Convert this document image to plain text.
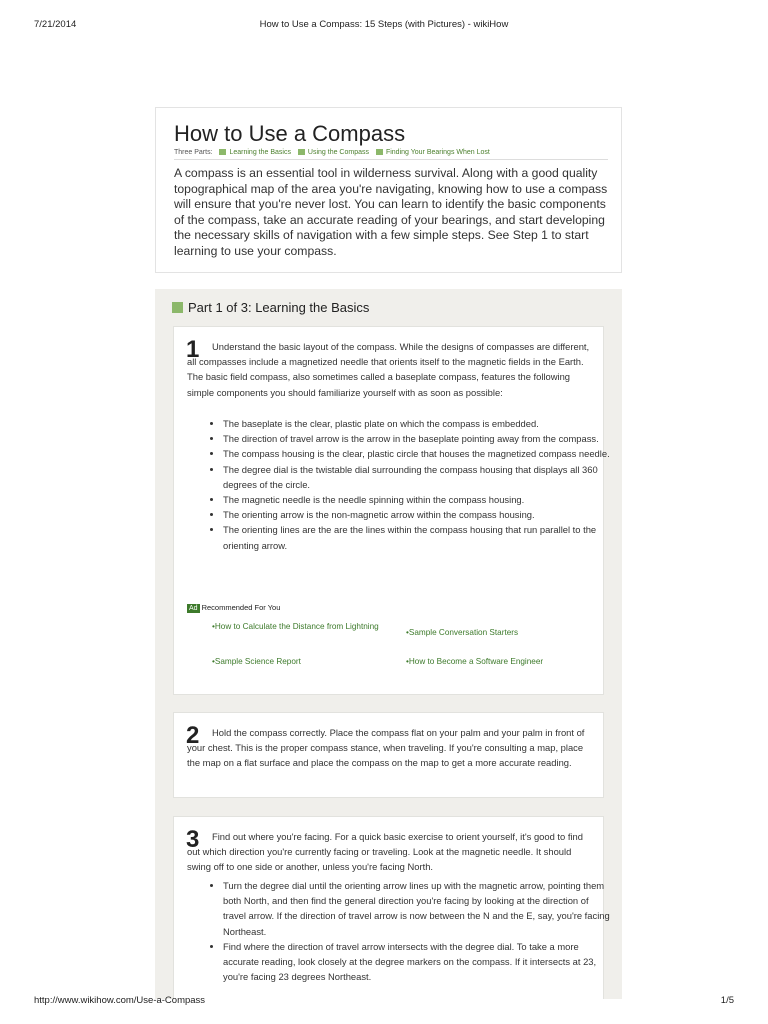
7/21/2014	How to Use a Compass: 15 Steps (with Pictures) - wikiHow
How to Use a Compass
Three Parts: Learning the Basics Using the Compass Finding Your Bearings When Lost

A compass is an essential tool in wilderness survival. Along with a good quality topographical map of the area you're navigating, knowing how to use a compass will ensure that you're never lost. You can learn to identify the basic components of the compass, take an accurate reading of your bearings, and start developing the necessary skills of navigation with a few simple steps. See Step 1 to start learning to use your compass.

Part 1 of 3: Learning the Basics
1	Understand the basic layout of the compass. While the designs of compasses are different, all compasses include a magnetized needle that orients itself to the magnetic fields in the Earth. The basic field compass, also sometimes called a baseplate compass, features the following simple components you should familiarize yourself with as soon as possible:

• The baseplate is the clear, plastic plate on which the compass is embedded.
• The direction of travel arrow is the arrow in the baseplate pointing away from the compass.
• The compass housing is the clear, plastic circle that houses the magnetized compass needle.
• The degree dial is the twistable dial surrounding the compass housing that displays all 360 degrees of the circle.
• The magnetic needle is the needle spinning within the compass housing.
• The orienting arrow is the non-magnetic arrow within the compass housing.
• The orienting lines are the are the lines within the compass housing that run parallel to the orienting arrow.
Ad Recommended For You
•How to Calculate the Distance from Lightning
•Sample Conversation Starters
•Sample Science Report	•How to Become a Software Engineer
2	Hold the compass correctly. Place the compass flat on your palm and your palm in front of your chest. This is the proper compass stance, when traveling. If you're consulting a map, place the map on a flat surface and place the compass on the map to get a more accurate reading.

3	Find out where you're facing. For a quick basic exercise to orient yourself, it's good to find out which direction you're currently facing or traveling. Look at the magnetic needle. It should swing off to one side or another, unless you're facing North.

• Turn the degree dial until the orienting arrow lines up with the magnetic arrow, pointing them both North, and then find the general direction you're facing by looking at the direction of travel arrow. If the direction of travel arrow is now between the N and the E, say, you're facing Northeast.
• Find where the direction of travel arrow intersects with the degree dial. To take a more accurate reading, look closely at the degree markers on the compass. If it intersects at 23, you're facing 23 degrees Northeast.
http://www.wikihow.com/Use-a-Compass	1/5
